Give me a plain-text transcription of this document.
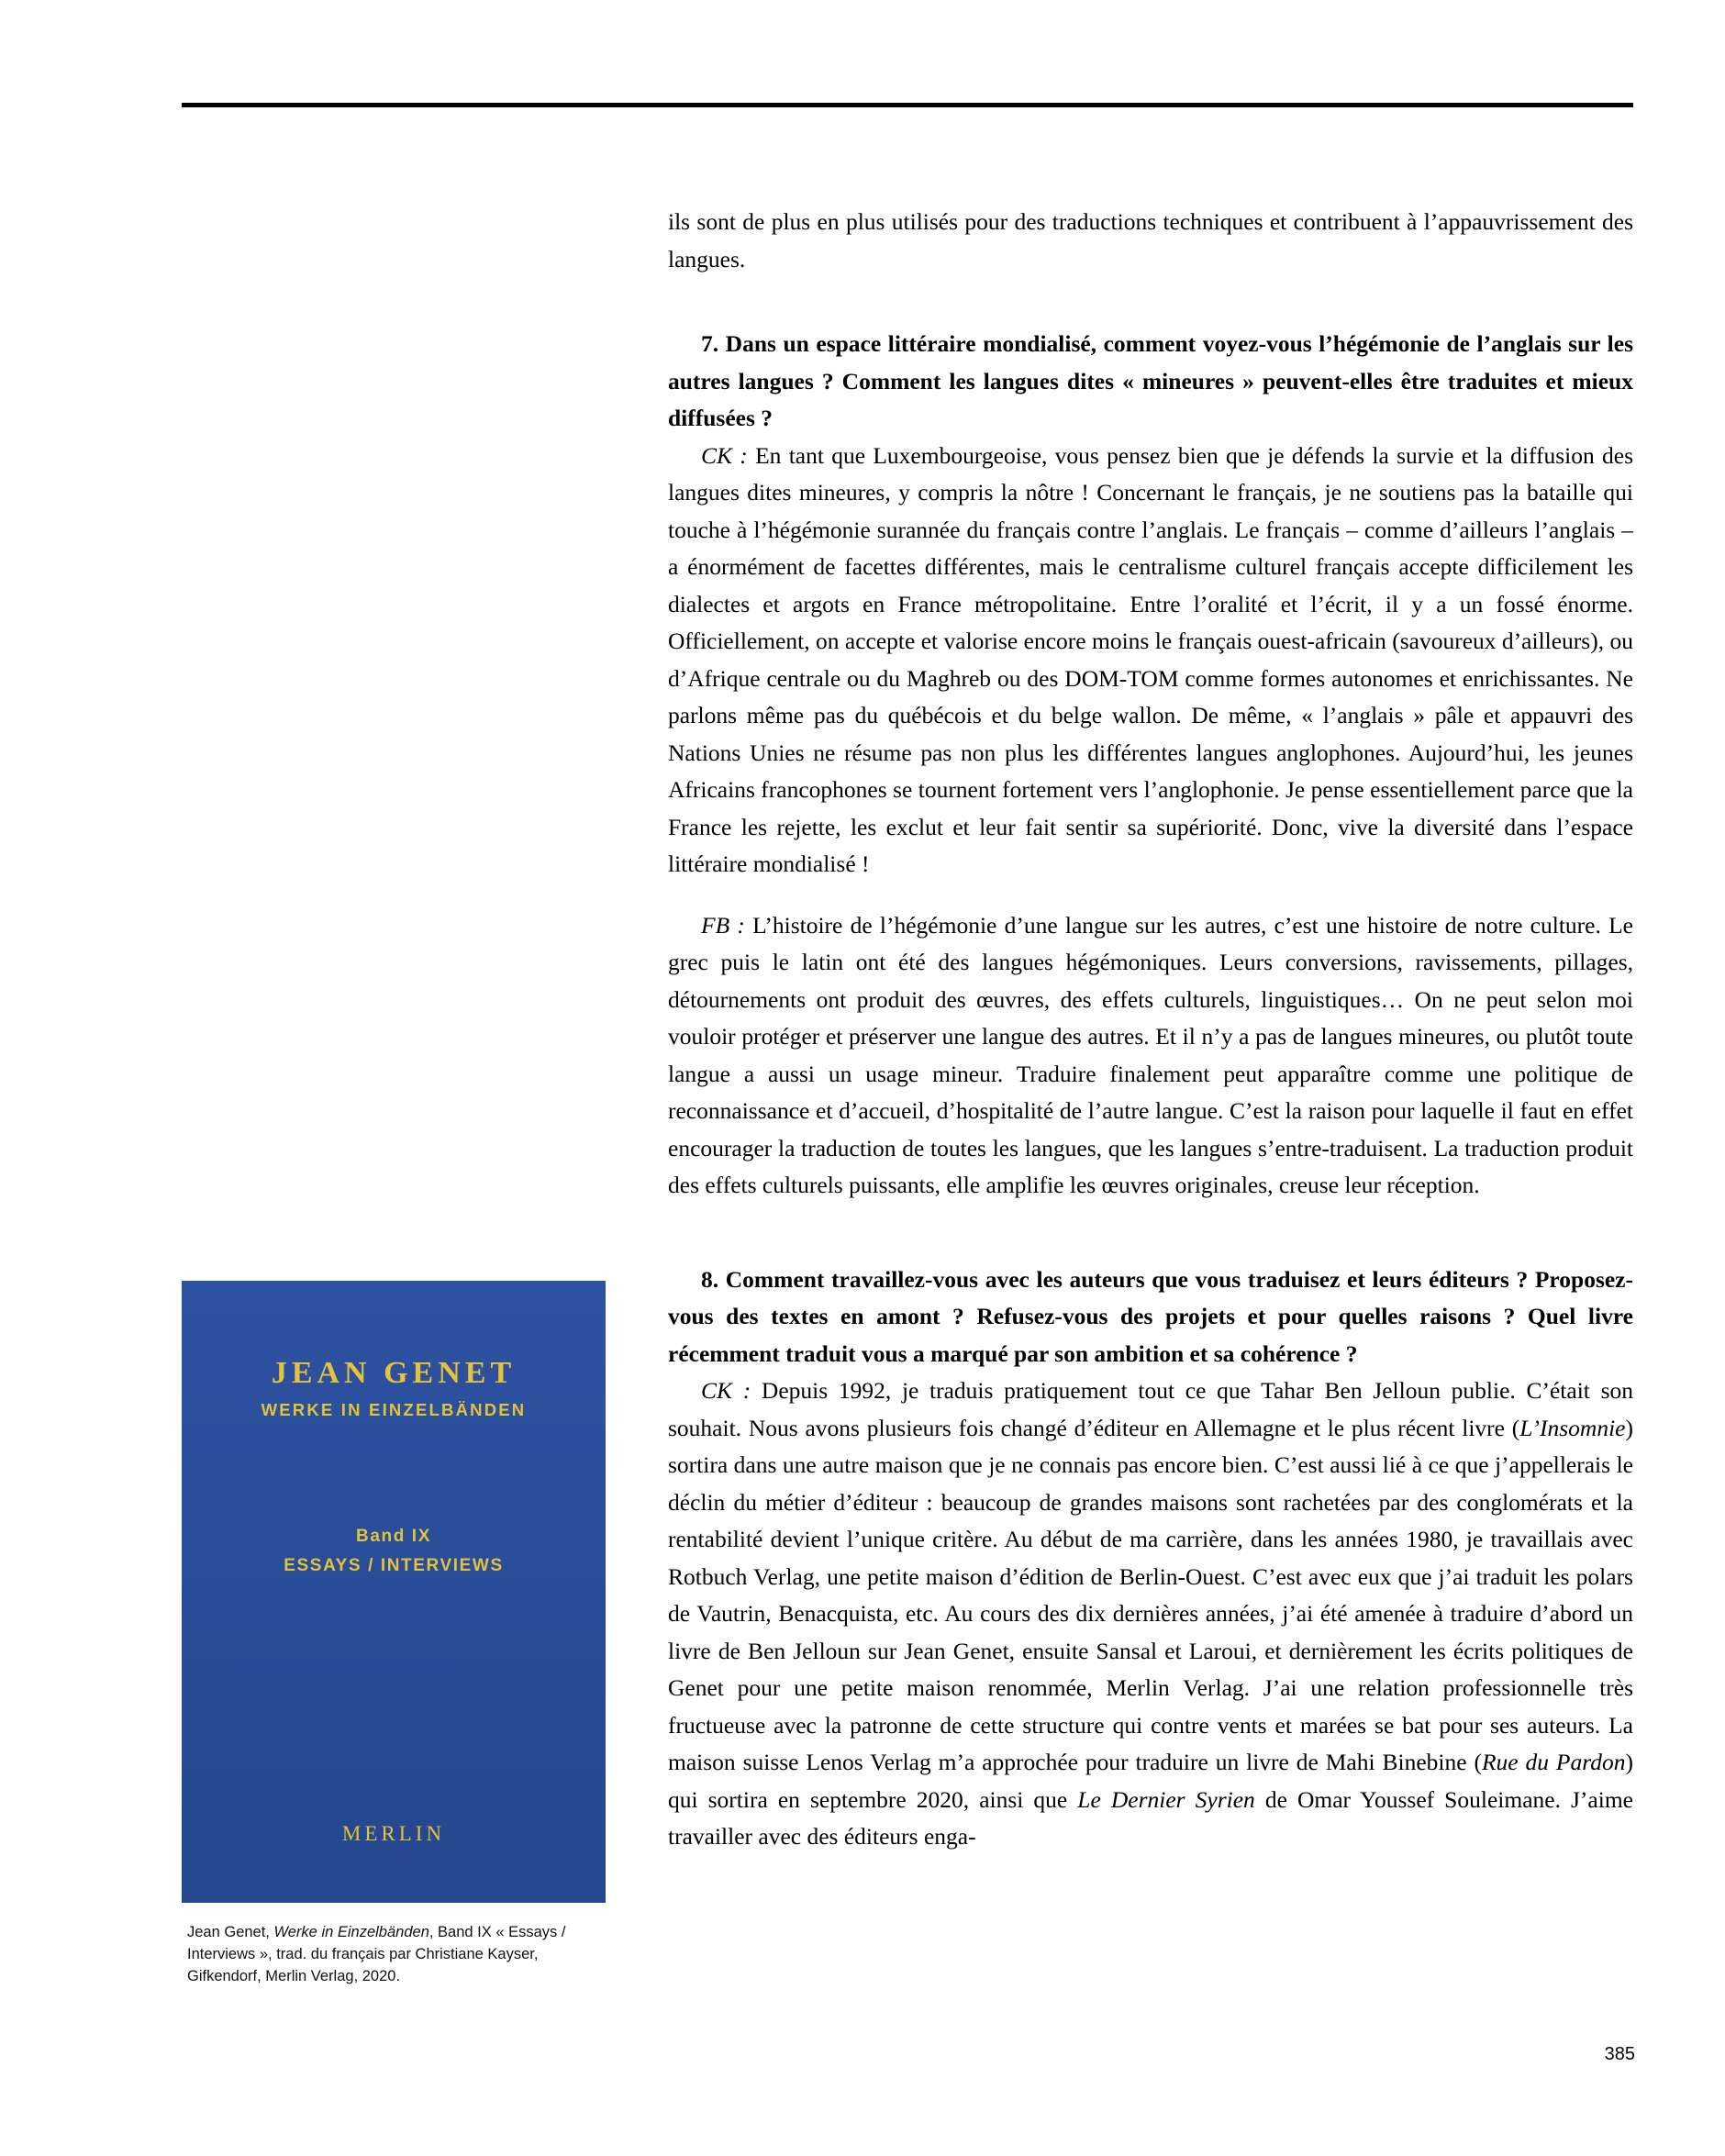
ils sont de plus en plus utilisés pour des traductions techniques et contribuent à l’appauvrissement des langues.

7. Dans un espace littéraire mondialisé, comment voyez-vous l’hégémonie de l’anglais sur les autres langues ? Comment les langues dites « mineures » peuvent-elles être traduites et mieux diffusées ?

CK : En tant que Luxembourgeoise, vous pensez bien que je défends la survie et la diffusion des langues dites mineures, y compris la nôtre ! Concernant le français, je ne soutiens pas la bataille qui touche à l’hégémonie surannée du français contre l’anglais. Le français – comme d’ailleurs l’anglais – a énormément de facettes différentes, mais le centralisme culturel français accepte difficilement les dialectes et argots en France métropolitaine. Entre l’oralité et l’écrit, il y a un fossé énorme. Officiellement, on accepte et valorise encore moins le français ouest-africain (savoureux d’ailleurs), ou d’Afrique centrale ou du Maghreb ou des DOM-TOM comme formes autonomes et enrichissantes. Ne parlons même pas du québécois et du belge wallon. De même, « l’anglais » pâle et appauvri des Nations Unies ne résume pas non plus les différentes langues anglophones. Aujourd’hui, les jeunes Africains francophones se tournent fortement vers l’anglophonie. Je pense essentiellement parce que la France les rejette, les exclut et leur fait sentir sa supériorité. Donc, vive la diversité dans l’espace littéraire mondialisé !

FB : L’histoire de l’hégémonie d’une langue sur les autres, c’est une histoire de notre culture. Le grec puis le latin ont été des langues hégémoniques. Leurs conversions, ravissements, pillages, détournements ont produit des œuvres, des effets culturels, linguistiques… On ne peut selon moi vouloir protéger et préserver une langue des autres. Et il n’y a pas de langues mineures, ou plutôt toute langue a aussi un usage mineur. Traduire finalement peut apparaître comme une politique de reconnaissance et d’accueil, d’hospitalité de l’autre langue. C’est la raison pour laquelle il faut en effet encourager la traduction de toutes les langues, que les langues s’entre-traduisent. La traduction produit des effets culturels puissants, elle amplifie les œuvres originales, creuse leur réception.

8. Comment travaillez-vous avec les auteurs que vous traduisez et leurs éditeurs ? Proposez-vous des textes en amont ? Refusez-vous des projets et pour quelles raisons ? Quel livre récemment traduit vous a marqué par son ambition et sa cohérence ?

CK : Depuis 1992, je traduis pratiquement tout ce que Tahar Ben Jelloun publie. C’était son souhait. Nous avons plusieurs fois changé d’éditeur en Allemagne et le plus récent livre (L’Insomnie) sortira dans une autre maison que je ne connais pas encore bien. C’est aussi lié à ce que j’appellerais le déclin du métier d’éditeur : beaucoup de grandes maisons sont rachetées par des conglomérats et la rentabilité devient l’unique critère. Au début de ma carrière, dans les années 1980, je travaillais avec Rotbuch Verlag, une petite maison d’édition de Berlin-Ouest. C’est avec eux que j’ai traduit les polars de Vautrin, Benacquista, etc. Au cours des dix dernières années, j’ai été amenée à traduire d’abord un livre de Ben Jelloun sur Jean Genet, ensuite Sansal et Laroui, et dernièrement les écrits politiques de Genet pour une petite maison renommée, Merlin Verlag. J’ai une relation professionnelle très fructueuse avec la patronne de cette structure qui contre vents et marées se bat pour ses auteurs. La maison suisse Lenos Verlag m’a approchée pour traduire un livre de Mahi Binebine (Rue du Pardon) qui sortira en septembre 2020, ainsi que Le Dernier Syrien de Omar Youssef Souleimane. J’aime travailler avec des éditeurs enga-

JEAN GENET
WERKE IN EINZELBÄNDEN
Band IX
ESSAYS / INTERVIEWS
MERLIN
Jean Genet, Werke in Einzelbänden, Band IX « Essays / Interviews », trad. du français par Christiane Kayser, Gifkendorf, Merlin Verlag, 2020.
385
